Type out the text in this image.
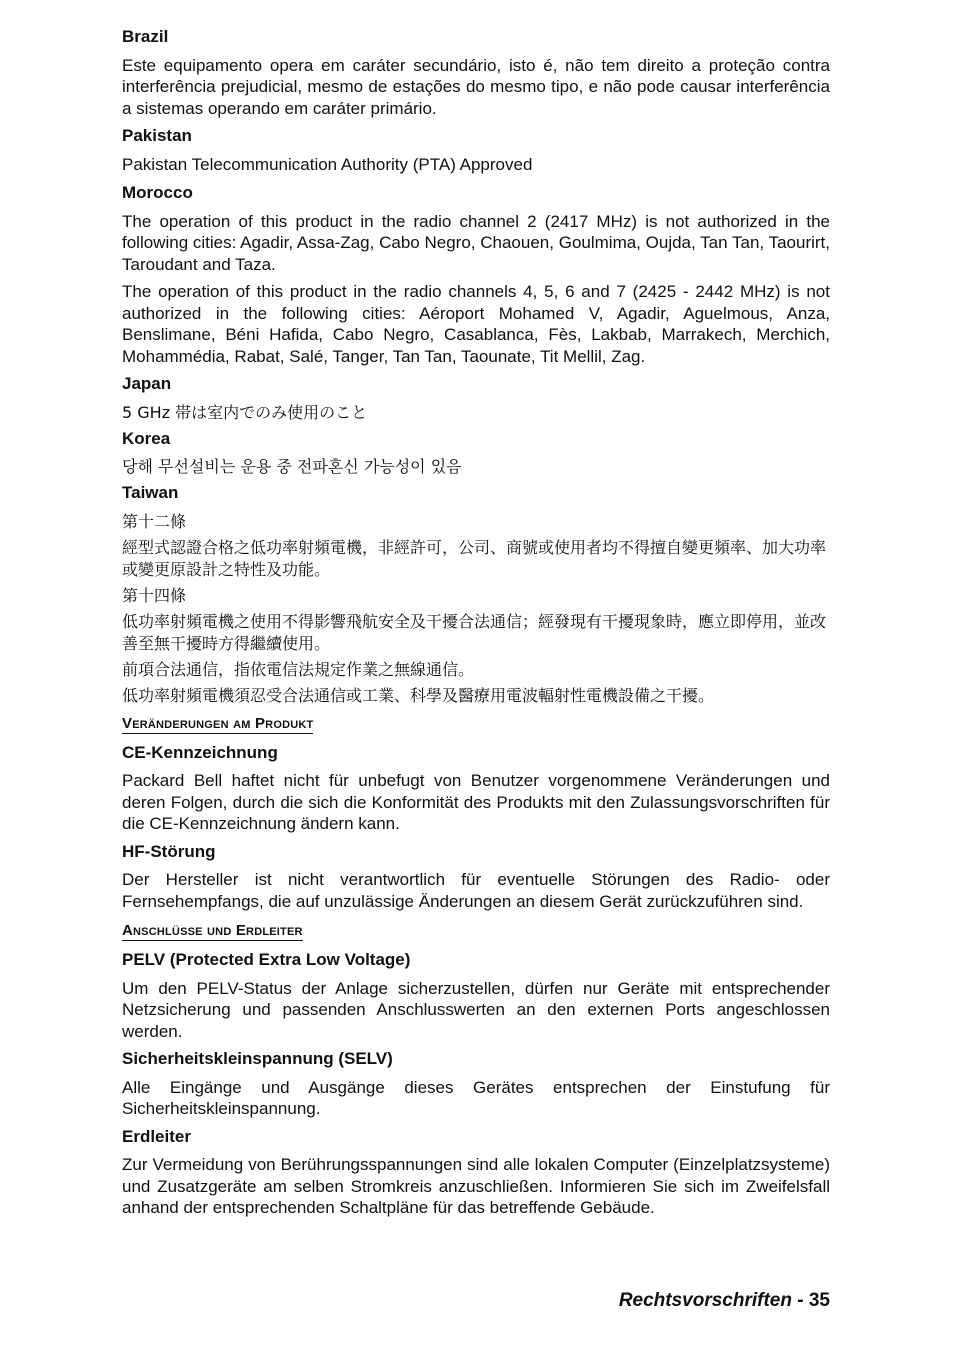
Brazil
Este equipamento opera em caráter secundário, isto é, não tem direito a proteção contra interferência prejudicial, mesmo de estações do mesmo tipo, e não pode causar interferência a sistemas operando em caráter primário.
Pakistan
Pakistan Telecommunication Authority (PTA) Approved
Morocco
The operation of this product in the radio channel 2 (2417 MHz) is not authorized in the following cities: Agadir, Assa-Zag, Cabo Negro, Chaouen, Goulmima, Oujda, Tan Tan, Taourirt, Taroudant and Taza.
The operation of this product in the radio channels 4, 5, 6 and 7 (2425 - 2442 MHz) is not authorized in the following cities: Aéroport Mohamed V, Agadir, Aguelmous, Anza, Benslimane, Béni Hafida, Cabo Negro, Casablanca, Fès, Lakbab, Marrakech, Merchich, Mohammédia, Rabat, Salé, Tanger, Tan Tan, Taounate, Tit Mellil, Zag.
Japan
5 GHz 帯は室内でのみ使用のこと
Korea
당해 무선설비는 운용 중 전파혼신 가능성이 있음
Taiwan
第十二條
經型式認證合格之低功率射頻電機，非經許可，公司、商號或使用者均不得擅自變更頻率、加大功率或變更原設計之特性及功能。
第十四條
低功率射頻電機之使用不得影響飛航安全及干擾合法通信；經發現有干擾現象時，應立即停用，並改善至無干擾時方得繼續使用。
前項合法通信，指依電信法規定作業之無線通信。
低功率射頻電機須忍受合法通信或工業、科學及醫療用電波輻射性電機設備之干擾。
Veränderungen am Produkt
CE-Kennzeichnung
Packard Bell haftet nicht für unbefugt von Benutzer vorgenommene Veränderungen und deren Folgen, durch die sich die Konformität des Produkts mit den Zulassungsvorschriften für die CE-Kennzeichnung ändern kann.
HF-Störung
Der Hersteller ist nicht verantwortlich für eventuelle Störungen des Radio- oder Fernsehempfangs, die auf unzulässige Änderungen an diesem Gerät zurückzuführen sind.
Anschlüsse und Erdleiter
PELV (Protected Extra Low Voltage)
Um den PELV-Status der Anlage sicherzustellen, dürfen nur Geräte mit entsprechender Netzsicherung und passenden Anschlusswerten an den externen Ports angeschlossen werden.
Sicherheitskleinspannung (SELV)
Alle Eingänge und Ausgänge dieses Gerätes entsprechen der Einstufung für Sicherheitskleinspannung.
Erdleiter
Zur Vermeidung von Berührungsspannungen sind alle lokalen Computer (Einzelplatzsysteme) und Zusatzgeräte am selben Stromkreis anzuschließen. Informieren Sie sich im Zweifelsfall anhand der entsprechenden Schaltpläne für das betreffende Gebäude.
Rechtsvorschriften - 35
